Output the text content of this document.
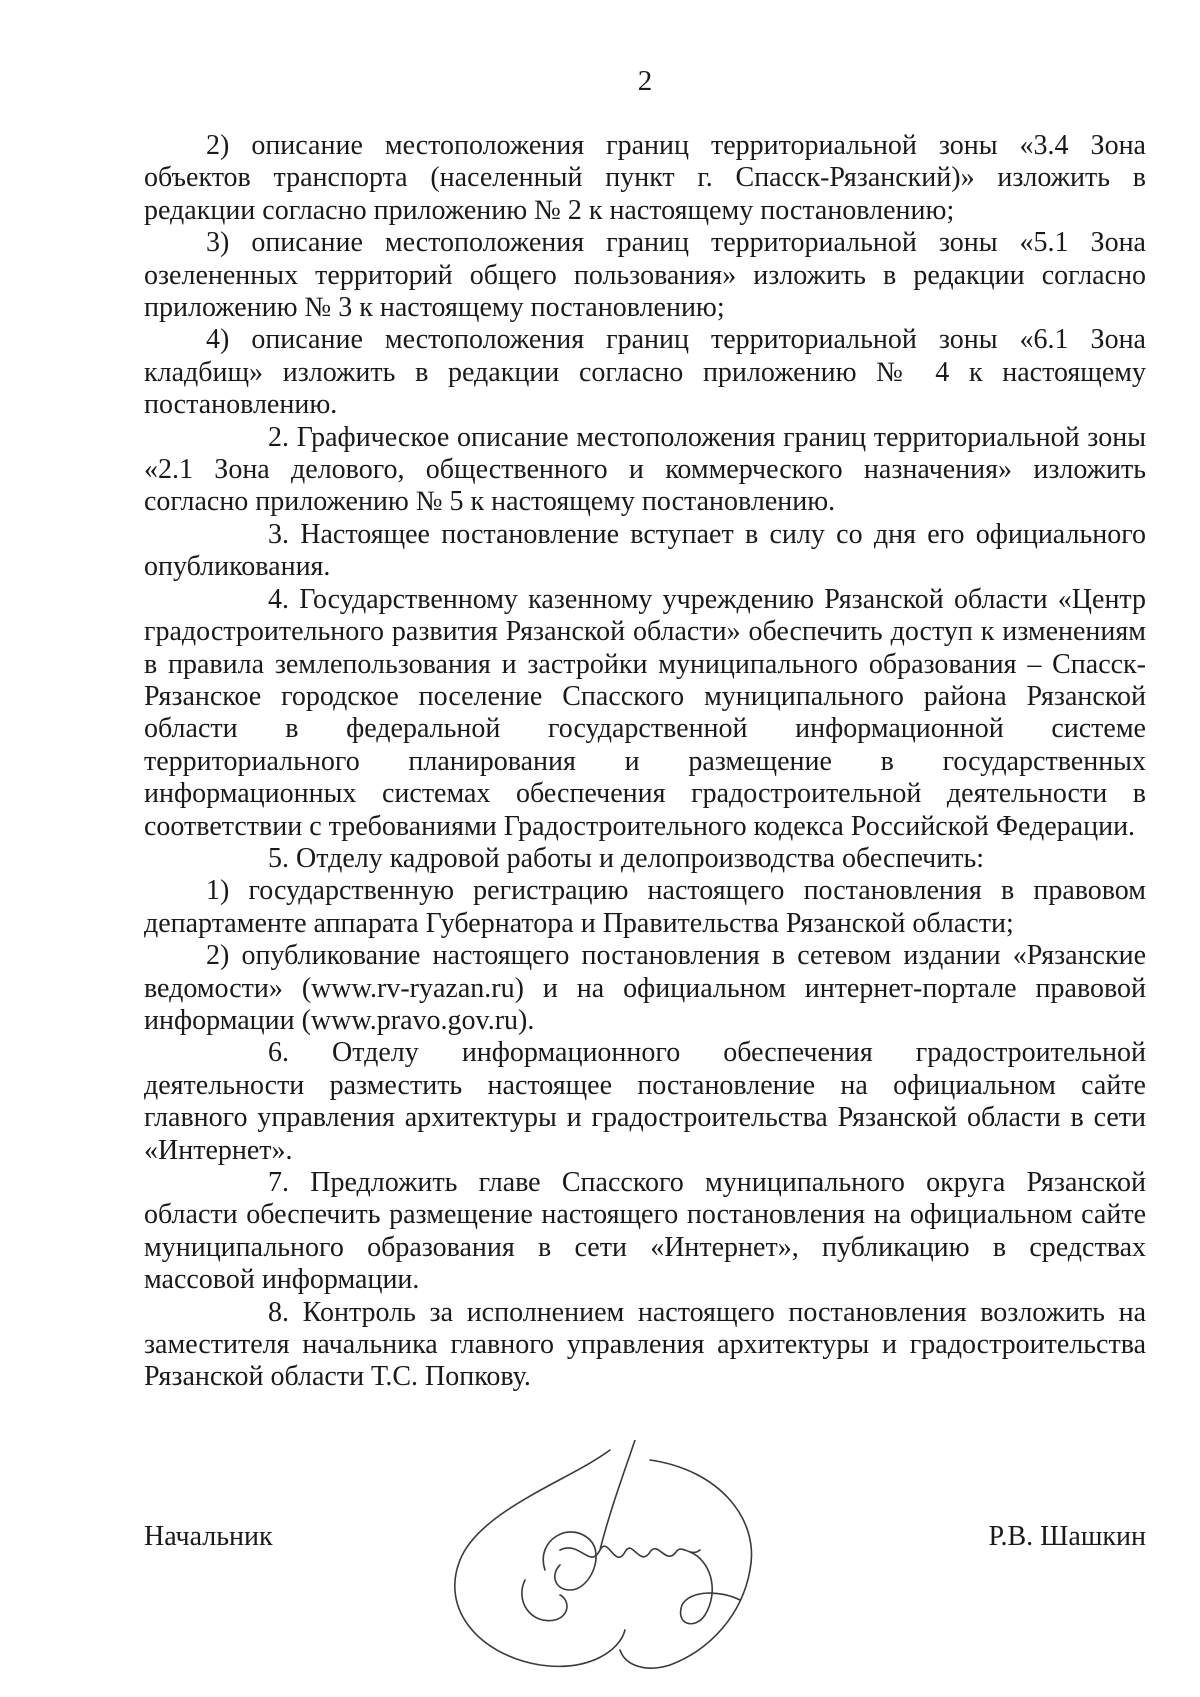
2

2) описание местоположения границ территориальной зоны «3.4 Зона объектов транспорта (населенный пункт г. Спасск-Рязанский)» изложить в редакции согласно приложению № 2 к настоящему постановлению;

3) описание местоположения границ территориальной зоны «5.1 Зона озелененных территорий общего пользования» изложить в редакции согласно приложению № 3 к настоящему постановлению;

4) описание местоположения границ территориальной зоны «6.1 Зона кладбищ» изложить в редакции согласно приложению № 4 к настоящему постановлению.

2. Графическое описание местоположения границ территориальной зоны «2.1 Зона делового, общественного и коммерческого назначения» изложить согласно приложению № 5 к настоящему постановлению.

3. Настоящее постановление вступает в силу со дня его официального опубликования.

4. Государственному казенному учреждению Рязанской области «Центр градостроительного развития Рязанской области» обеспечить доступ к изменениям в правила землепользования и застройки муниципального образования – Спасск-Рязанское городское поселение Спасского муниципального района Рязанской области в федеральной государственной информационной системе территориального планирования и размещение в государственных информационных системах обеспечения градостроительной деятельности в соответствии с требованиями Градостроительного кодекса Российской Федерации.

5. Отделу кадровой работы и делопроизводства обеспечить:

1) государственную регистрацию настоящего постановления в правовом департаменте аппарата Губернатора и Правительства Рязанской области;

2) опубликование настоящего постановления в сетевом издании «Рязанские ведомости» (www.rv-ryazan.ru) и на официальном интернет-портале правовой информации (www.pravo.gov.ru).

6. Отделу информационного обеспечения градостроительной деятельности разместить настоящее постановление на официальном сайте главного управления архитектуры и градостроительства Рязанской области в сети «Интернет».

7. Предложить главе Спасского муниципального округа Рязанской области обеспечить размещение настоящего постановления на официальном сайте муниципального образования в сети «Интернет», публикацию в средствах массовой информации.

8. Контроль за исполнением настоящего постановления возложить на заместителя начальника главного управления архитектуры и градостроительства Рязанской области Т.С. Попкову.

Начальник	Р.В. Шашкин
